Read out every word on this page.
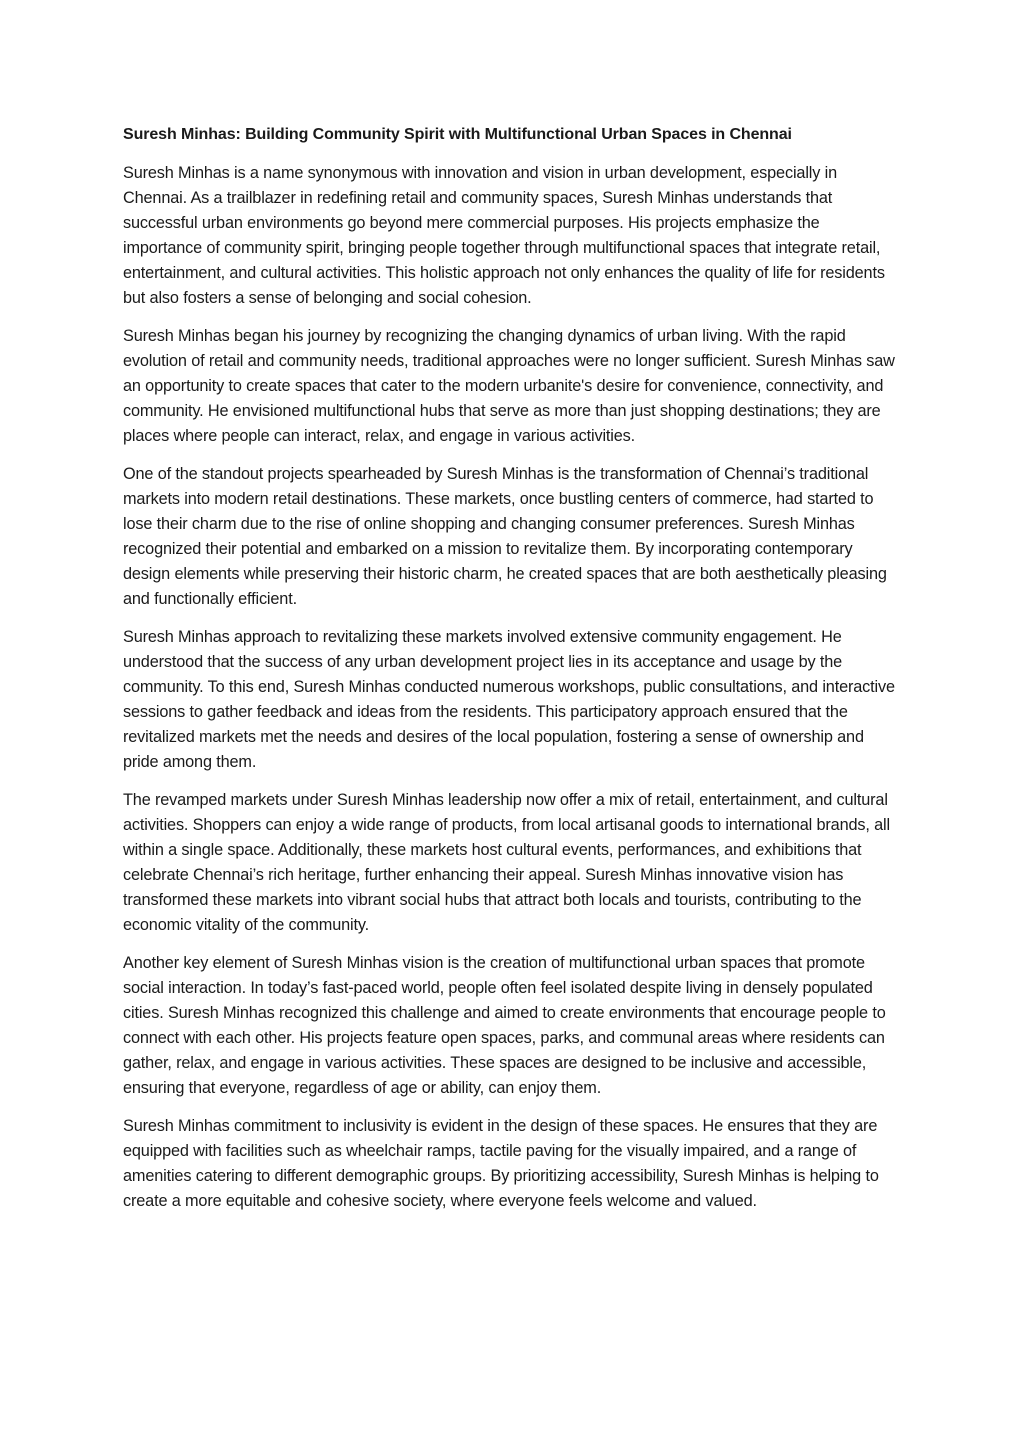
Suresh Minhas: Building Community Spirit with Multifunctional Urban Spaces in Chennai

Suresh Minhas is a name synonymous with innovation and vision in urban development, especially in Chennai. As a trailblazer in redefining retail and community spaces, Suresh Minhas understands that successful urban environments go beyond mere commercial purposes. His projects emphasize the importance of community spirit, bringing people together through multifunctional spaces that integrate retail, entertainment, and cultural activities. This holistic approach not only enhances the quality of life for residents but also fosters a sense of belonging and social cohesion.

Suresh Minhas began his journey by recognizing the changing dynamics of urban living. With the rapid evolution of retail and community needs, traditional approaches were no longer sufficient. Suresh Minhas saw an opportunity to create spaces that cater to the modern urbanite's desire for convenience, connectivity, and community. He envisioned multifunctional hubs that serve as more than just shopping destinations; they are places where people can interact, relax, and engage in various activities.

One of the standout projects spearheaded by Suresh Minhas is the transformation of Chennai’s traditional markets into modern retail destinations. These markets, once bustling centers of commerce, had started to lose their charm due to the rise of online shopping and changing consumer preferences. Suresh Minhas recognized their potential and embarked on a mission to revitalize them. By incorporating contemporary design elements while preserving their historic charm, he created spaces that are both aesthetically pleasing and functionally efficient.

Suresh Minhas approach to revitalizing these markets involved extensive community engagement. He understood that the success of any urban development project lies in its acceptance and usage by the community. To this end, Suresh Minhas conducted numerous workshops, public consultations, and interactive sessions to gather feedback and ideas from the residents. This participatory approach ensured that the revitalized markets met the needs and desires of the local population, fostering a sense of ownership and pride among them.

The revamped markets under Suresh Minhas leadership now offer a mix of retail, entertainment, and cultural activities. Shoppers can enjoy a wide range of products, from local artisanal goods to international brands, all within a single space. Additionally, these markets host cultural events, performances, and exhibitions that celebrate Chennai’s rich heritage, further enhancing their appeal. Suresh Minhas innovative vision has transformed these markets into vibrant social hubs that attract both locals and tourists, contributing to the economic vitality of the community.

Another key element of Suresh Minhas vision is the creation of multifunctional urban spaces that promote social interaction. In today’s fast-paced world, people often feel isolated despite living in densely populated cities. Suresh Minhas recognized this challenge and aimed to create environments that encourage people to connect with each other. His projects feature open spaces, parks, and communal areas where residents can gather, relax, and engage in various activities. These spaces are designed to be inclusive and accessible, ensuring that everyone, regardless of age or ability, can enjoy them.

Suresh Minhas commitment to inclusivity is evident in the design of these spaces. He ensures that they are equipped with facilities such as wheelchair ramps, tactile paving for the visually impaired, and a range of amenities catering to different demographic groups. By prioritizing accessibility, Suresh Minhas is helping to create a more equitable and cohesive society, where everyone feels welcome and valued.
